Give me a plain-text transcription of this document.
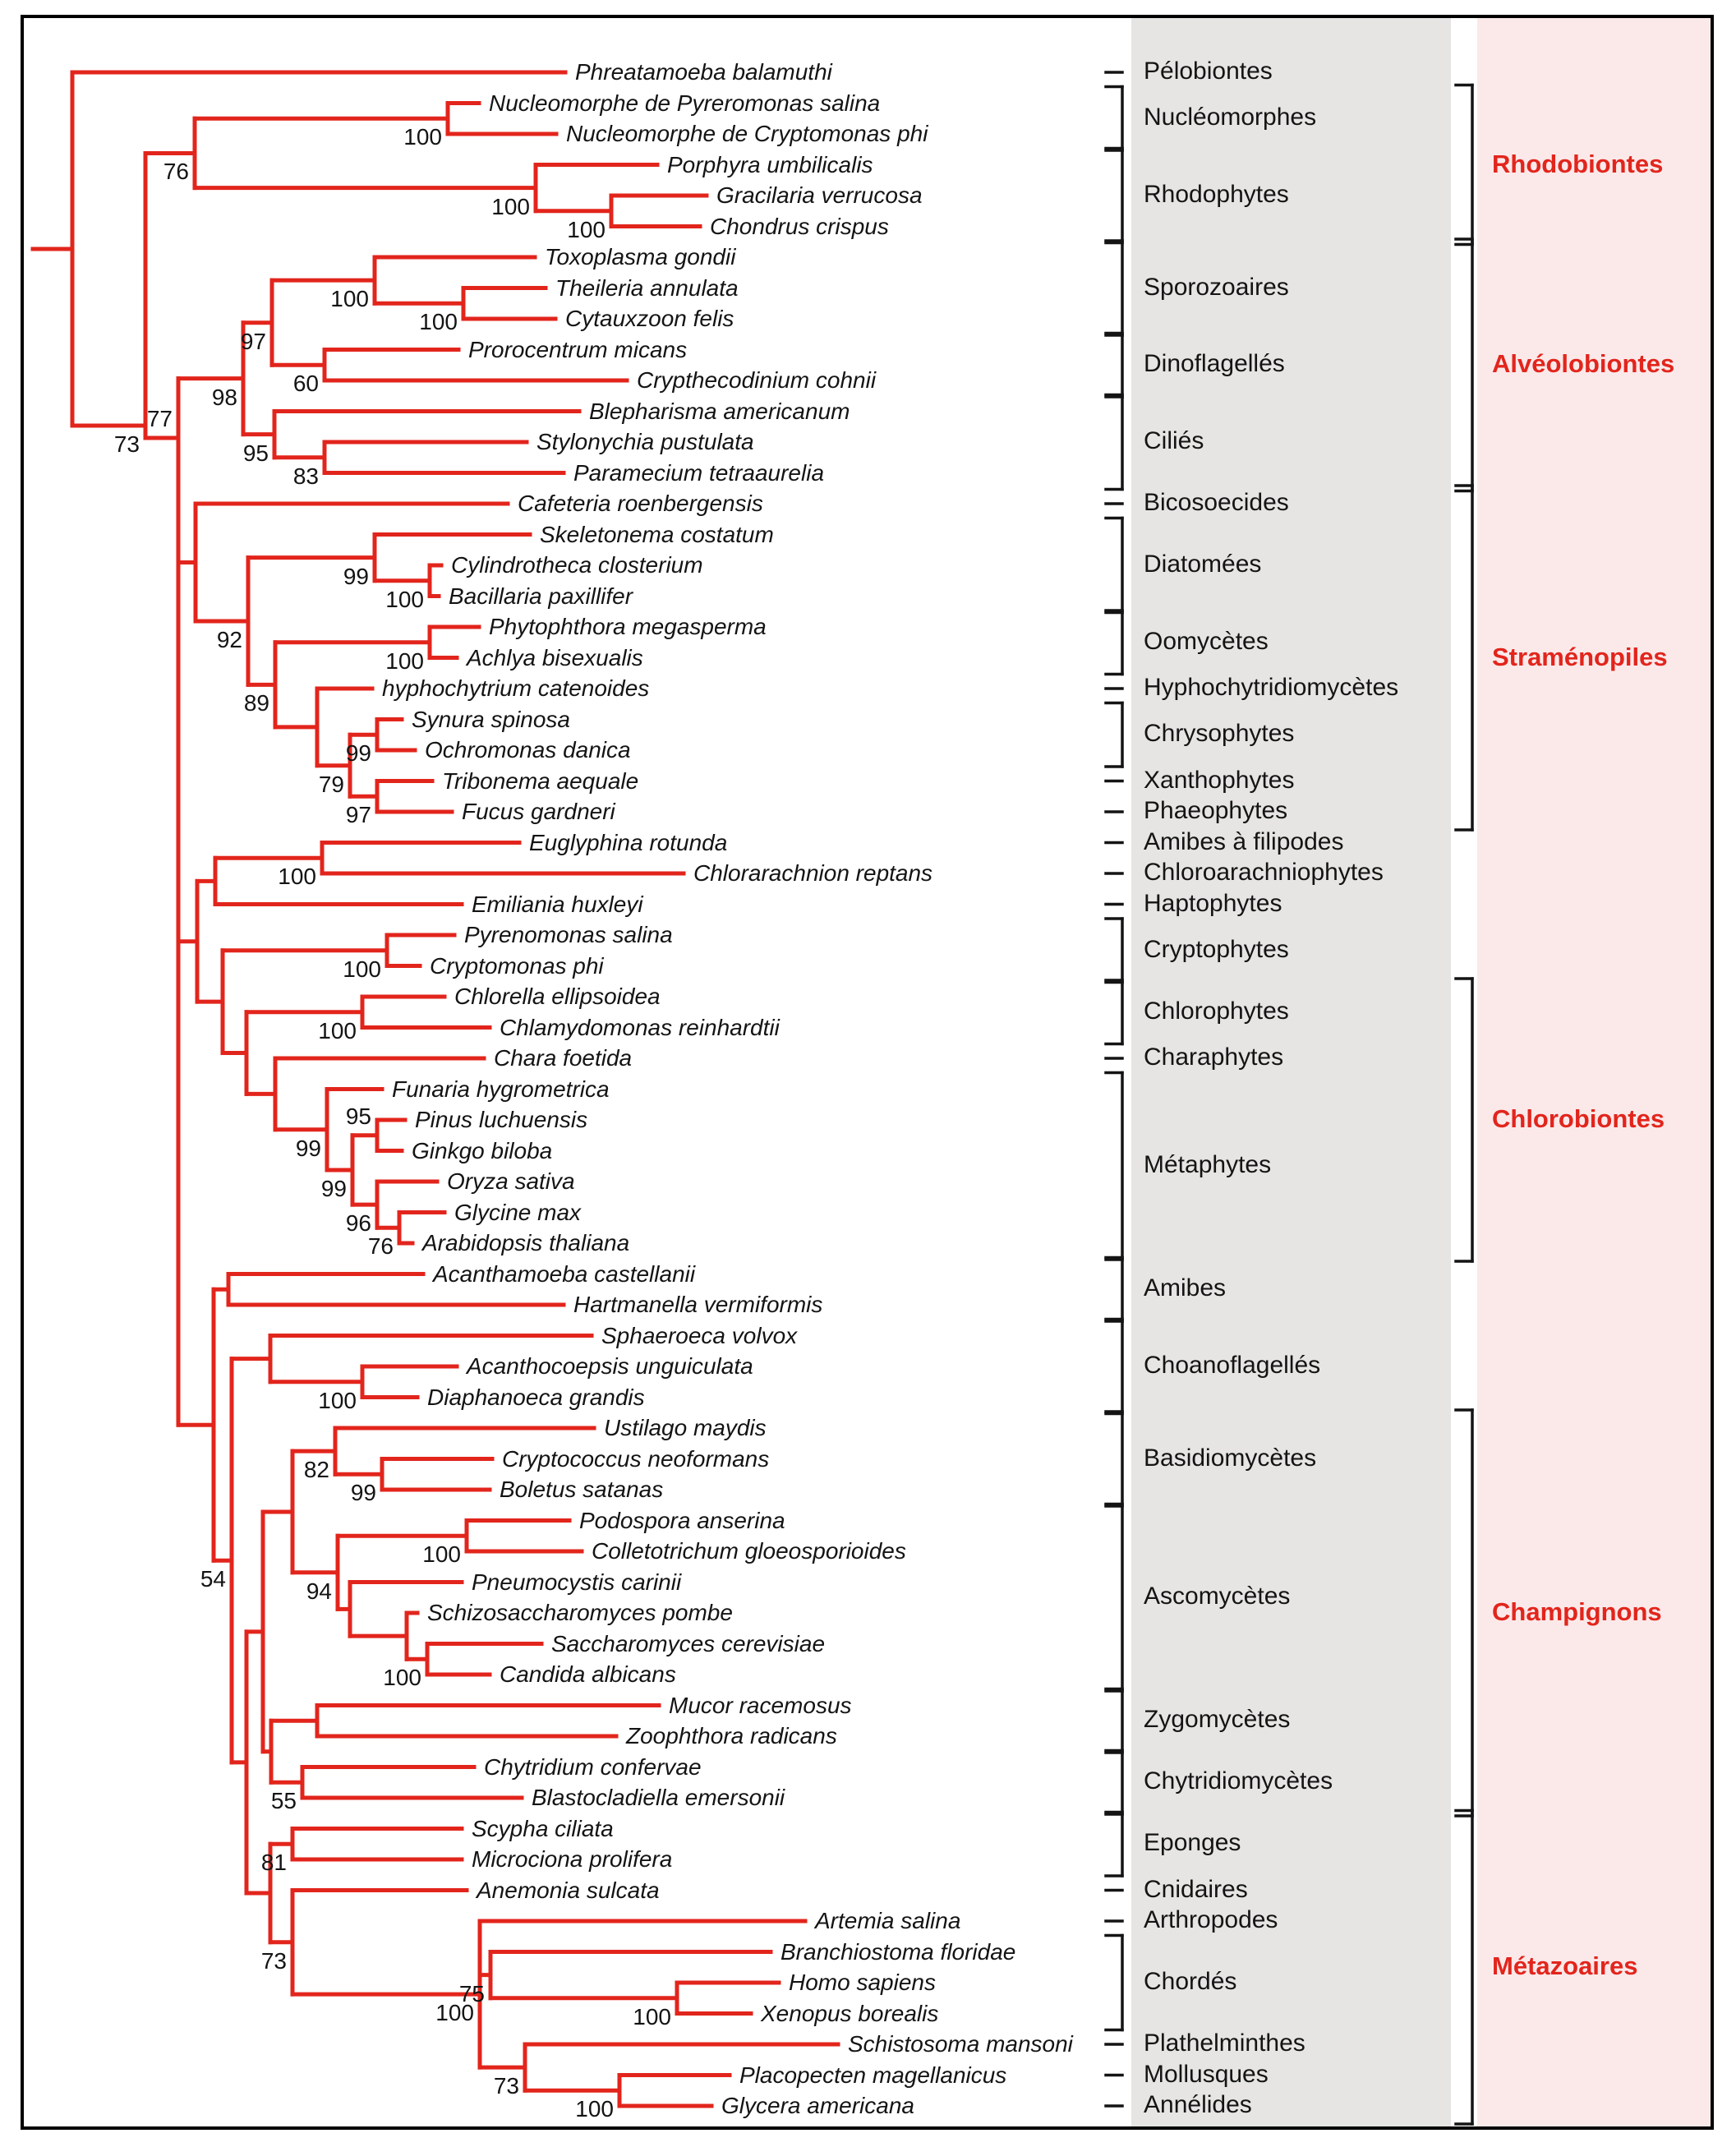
Phreatamoeba balamuthi
Nucleomorphe de Pyreromonas salina
Nucleomorphe de Cryptomonas phi
100
Porphyra umbilicalis
Gracilaria verrucosa
Chondrus crispus
100
100
76
Toxoplasma gondii
Theileria annulata
Cytauxzoon felis
100
100
Prorocentrum micans
Crypthecodinium cohnii
60
97
Blepharisma americanum
Stylonychia pustulata
Paramecium tetraaurelia
83
95
98
Cafeteria roenbergensis
Skeletonema costatum
Cylindrotheca closterium
Bacillaria paxillifer
100
99
Phytophthora megasperma
Achlya bisexualis
100
hyphochytrium catenoides
Synura spinosa
Ochromonas danica
99
Tribonema aequale
Fucus gardneri
97
79
89
92
Euglyphina rotunda
Chlorarachnion reptans
100
Emiliania huxleyi
Pyrenomonas salina
Cryptomonas phi
100
Chlorella ellipsoidea
Chlamydomonas reinhardtii
100
Chara foetida
Funaria hygrometrica
Pinus luchuensis
Ginkgo biloba
95
Oryza sativa
Glycine max
Arabidopsis thaliana
76
96
99
99
Acanthamoeba castellanii
Hartmanella vermiformis
Sphaeroeca volvox
Acanthocoepsis unguiculata
Diaphanoeca grandis
100
Ustilago maydis
Cryptococcus neoformans
Boletus satanas
99
82
Podospora anserina
Colletotrichum gloeosporioides
100
Pneumocystis carinii
Schizosaccharomyces pombe
Saccharomyces cerevisiae
Candida albicans
100
94
Mucor racemosus
Zoophthora radicans
Chytridium confervae
Blastocladiella emersonii
55
Scypha ciliata
Microciona prolifera
81
Anemonia sulcata
Artemia salina
Branchiostoma floridae
Homo sapiens
Xenopus borealis
100
75
Schistosoma mansoni
Placopecten magellanicus
Glycera americana
100
73
100
73
54
77
73
Pélobiontes
Nucléomorphes
Rhodophytes
Sporozoaires
Dinoflagellés
Ciliés
Bicosoecides
Diatomées
Oomycètes
Hyphochytridiomycètes
Chrysophytes
Xanthophytes
Phaeophytes
Amibes à filipodes
Chloroarachniophytes
Haptophytes
Cryptophytes
Chlorophytes
Charaphytes
Métaphytes
Amibes
Choanoflagellés
Basidiomycètes
Ascomycètes
Zygomycètes
Chytridiomycètes
Eponges
Cnidaires
Arthropodes
Chordés
Plathelminthes
Mollusques
Annélides
Rhodobiontes
Alvéolobiontes
Straménopiles
Chlorobiontes
Champignons
Métazoaires
